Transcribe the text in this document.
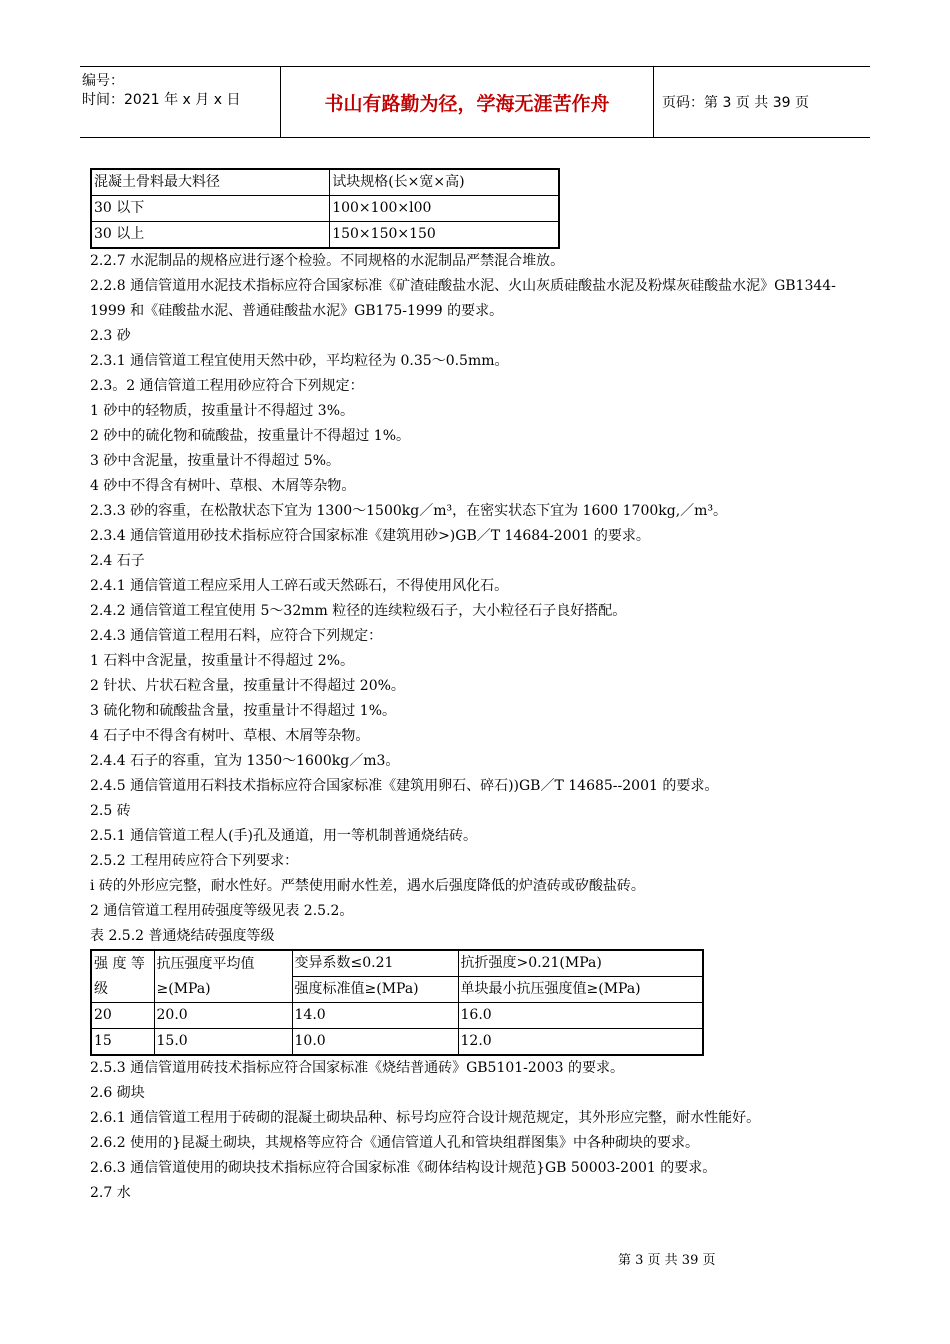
编号：
时间：2021 年 x 月 x 日	书山有路勤为径，学海无涯苦作舟	页码：第 3 页 共 39 页
混凝土骨料最大料径	试块规格(长×宽×高)
30 以下	100×100×l00
30 以上	150×150×150

2.2.7 水泥制品的规格应进行逐个检验。不同规格的水泥制品严禁混合堆放。

2.2.8 通信管道用水泥技术指标应符合国家标准《矿渣硅酸盐水泥、火山灰质硅酸盐水泥及粉煤灰硅酸盐水泥》GB1344-1999 和《硅酸盐水泥、普通硅酸盐水泥》GB175-1999 的要求。

2.3 砂

2.3.1 通信管道工程宜使用天然中砂，平均粒径为 0.35～0.5mm。

2.3。2 通信管道工程用砂应符合下列规定：

1 砂中的轻物质，按重量计不得超过 3%。

2 砂中的硫化物和硫酸盐，按重量计不得超过 1%。

3 砂中含泥量，按重量计不得超过 5%。

4 砂中不得含有树叶、草根、木屑等杂物。

2.3.3 砂的容重，在松散状态下宜为 1300～1500kg／m³，在密实状态下宜为 1600 1700kg,／m³。

2.3.4 通信管道用砂技术指标应符合国家标准《建筑用砂>)GB／T 14684-2001 的要求。

2.4 石子

2.4.1 通信管道工程应采用人工碎石或天然砾石，不得使用风化石。

2.4.2 通信管道工程宜使用 5～32mm 粒径的连续粒级石子，大小粒径石子良好搭配。

2.4.3 通信管道工程用石料，应符合下列规定：

1 石料中含泥量，按重量计不得超过 2%。

2 针状、片状石粒含量，按重量计不得超过 20%。

3 硫化物和硫酸盐含量，按重量计不得超过 1%。

4 石子中不得含有树叶、草根、木屑等杂物。

2.4.4 石子的容重，宜为 1350～1600kg／m3。

2.4.5 通信管道用石料技术指标应符合国家标准《建筑用卵石、碎石))GB／T 14685--2001 的要求。

2.5 砖

2.5.1 通信管道工程人(手)孔及通道，用一等机制普通烧结砖。

2.5.2 工程用砖应符合下列要求：

i 砖的外形应完整，耐水性好。严禁使用耐水性差，遇水后强度降低的炉渣砖或矽酸盐砖。

2 通信管道工程用砖强度等级见表 2.5.2。

表 2.5.2 普通烧结砖强度等级

强 度 等级	抗压强度平均值≥(MPa)	变异系数≤0.21	抗折强度>0.21(MPa)
		强度标准值≥(MPa)	单块最小抗压强度值≥(MPa)
20	20.0	14.0	16.0
15	15.0	10.0	12.0

2.5.3 通信管道用砖技术指标应符合国家标准《烧结普通砖》GB5101-2003 的要求。

2.6 砌块

2.6.1 通信管道工程用于砖砌的混凝土砌块品种、标号均应符合设计规范规定，其外形应完整，耐水性能好。

2.6.2 使用的}昆凝土砌块，其规格等应符合《通信管道人孔和管块组群图集》中各种砌块的要求。

2.6.3 通信管道使用的砌块技术指标应符合国家标准《砌体结构设计规范}GB 50003-2001 的要求。

2.7 水

第 3 页 共 39 页
